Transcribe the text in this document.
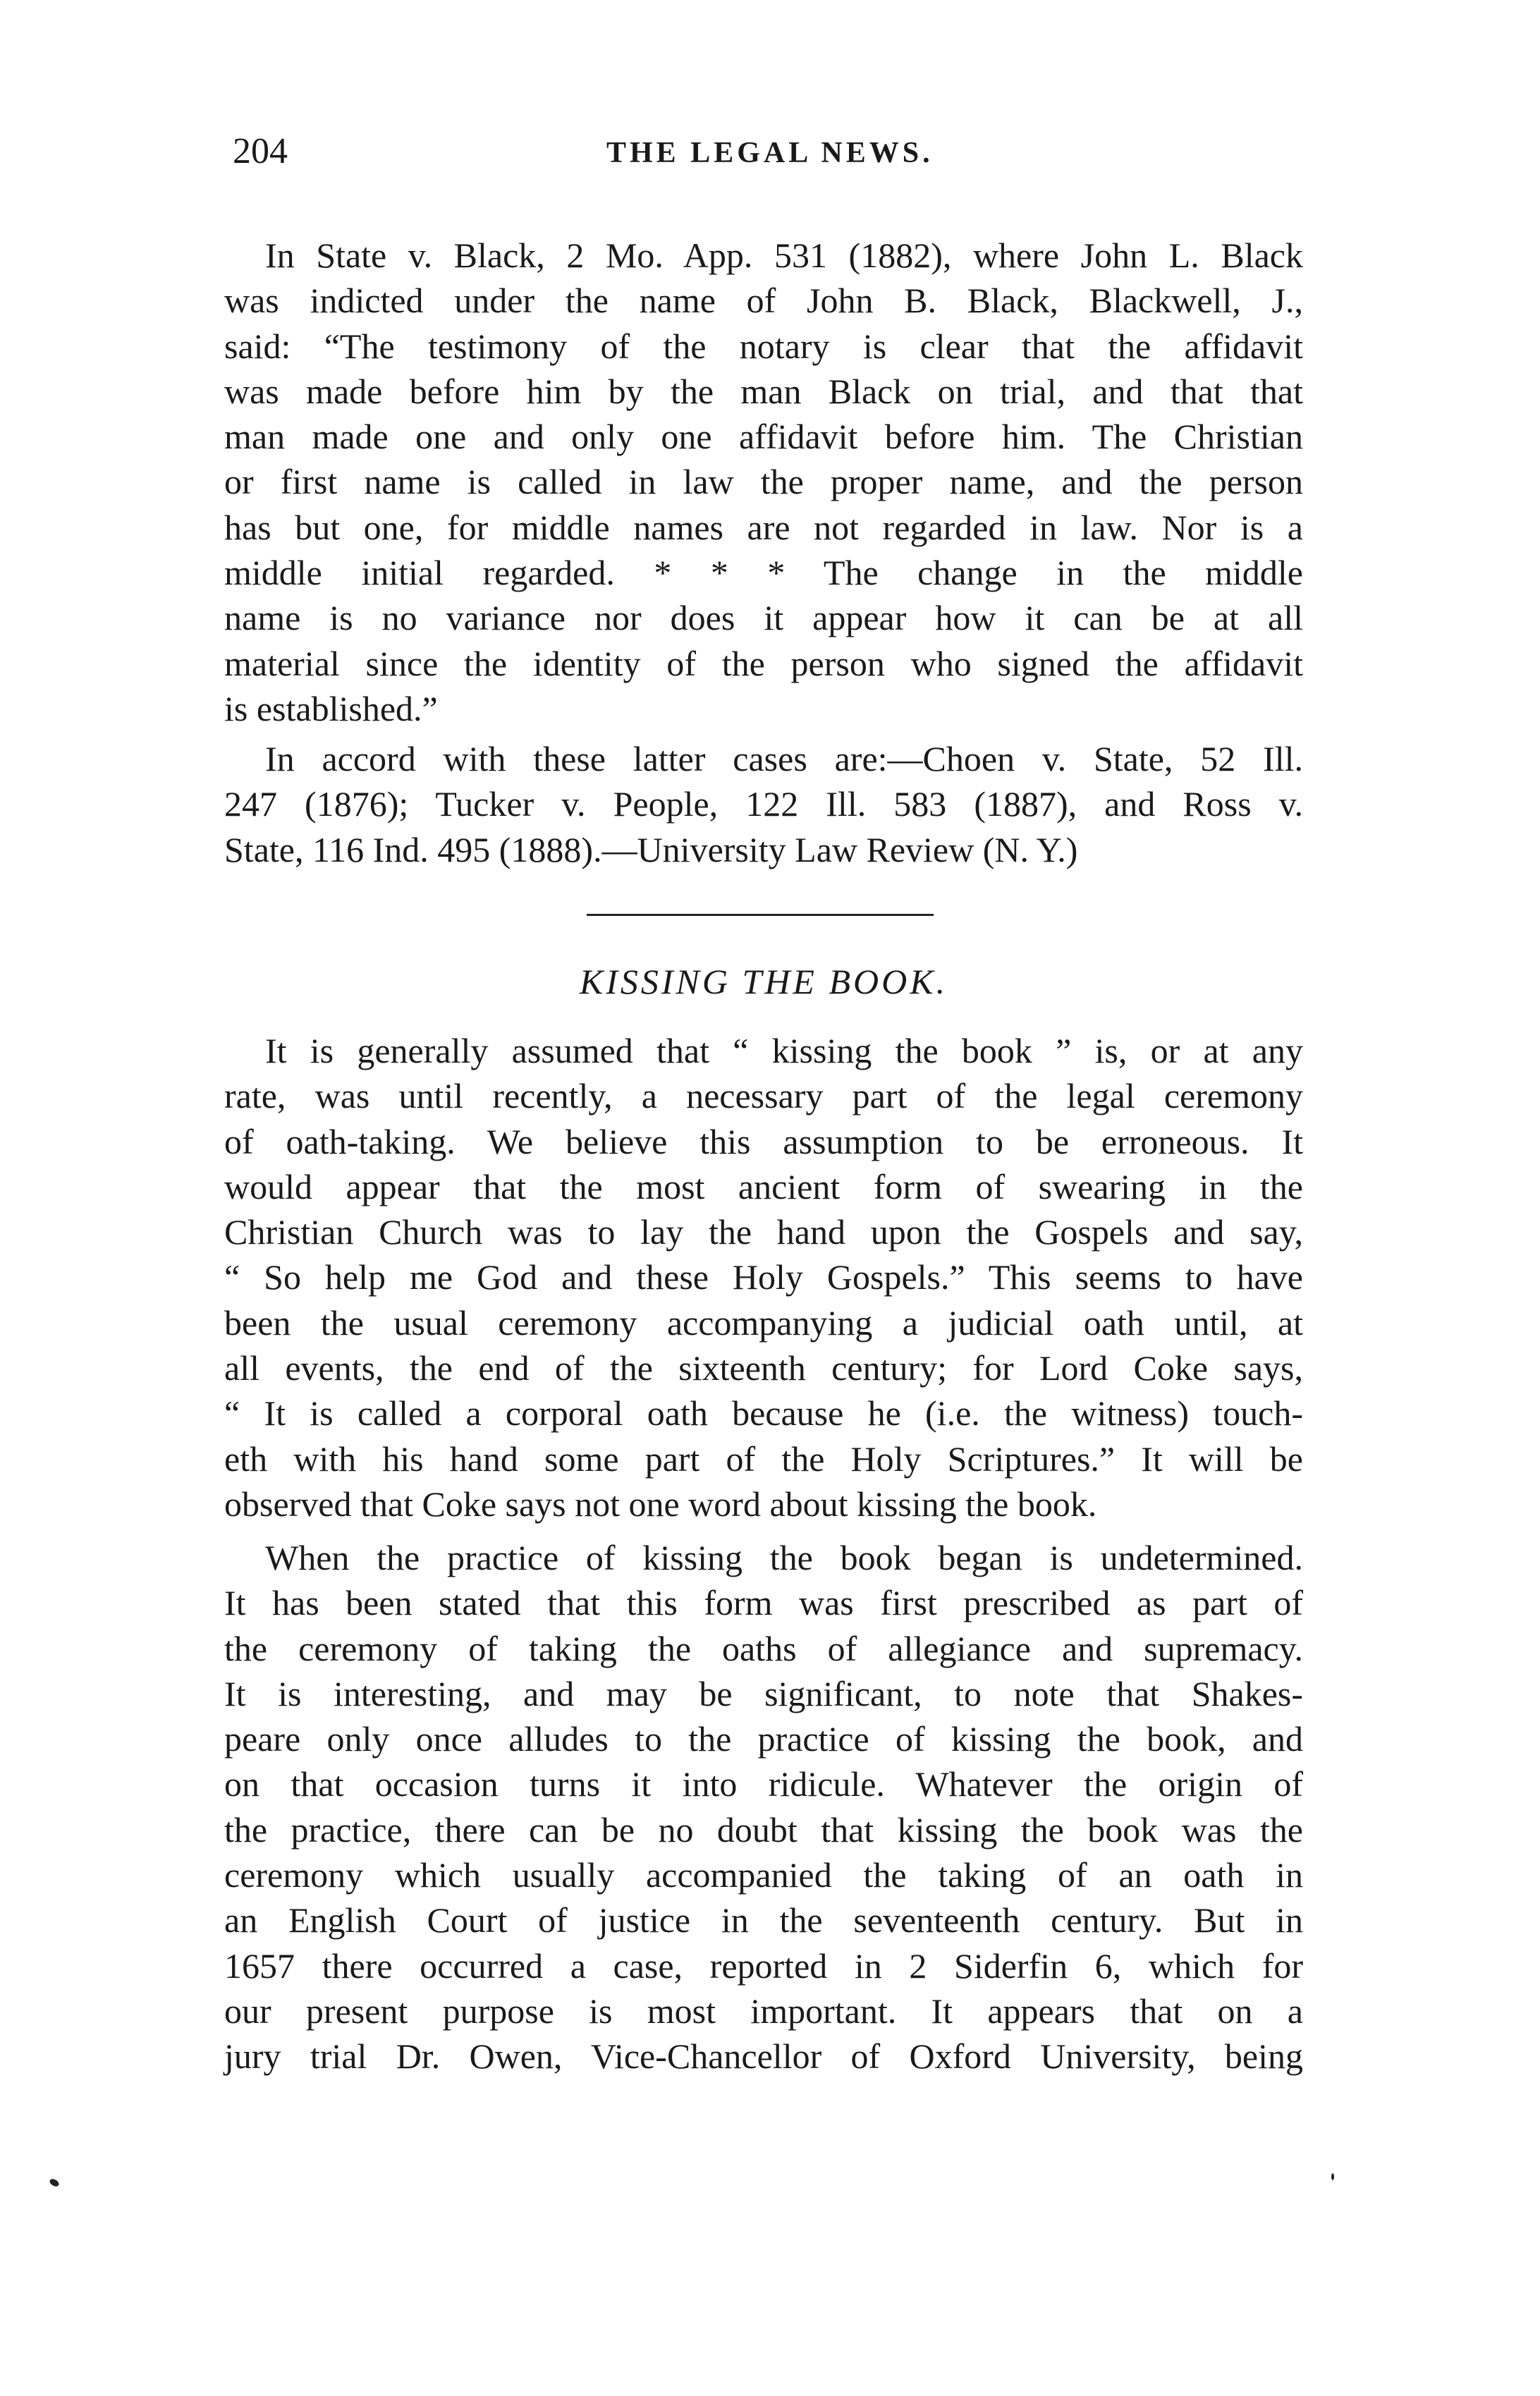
204	THE LEGAL NEWS.
In State v. Black, 2 Mo. App. 531 (1882), where John L. Black
was indicted under the name of John B. Black, Blackwell, J.,
said: “The testimony of the notary is clear that the affidavit
was made before him by the man Black on trial, and that that
man made one and only one affidavit before him. The Christian
or first name is called in law the proper name, and the person
has but one, for middle names are not regarded in law. Nor is a
middle initial regarded. * * * The change in the middle
name is no variance nor does it appear how it can be at all
material since the identity of the person who signed the affidavit
is established.”
In accord with these latter cases are:—Choen v. State, 52 Ill.
247 (1876); Tucker v. People, 122 Ill. 583 (1887), and Ross v.
State, 116 Ind. 495 (1888).—University Law Review (N. Y.)
KISSING THE BOOK.
It is generally assumed that “ kissing the book ” is, or at any
rate, was until recently, a necessary part of the legal ceremony
of oath-taking. We believe this assumption to be erroneous. It
would appear that the most ancient form of swearing in the
Christian Church was to lay the hand upon the Gospels and say,
“ So help me God and these Holy Gospels.” This seems to have
been the usual ceremony accompanying a judicial oath until, at
all events, the end of the sixteenth century; for Lord Coke says,
“ It is called a corporal oath because he (i.e. the witness) touch-
eth with his hand some part of the Holy Scriptures.” It will be
observed that Coke says not one word about kissing the book.
When the practice of kissing the book began is undetermined.
It has been stated that this form was first prescribed as part of
the ceremony of taking the oaths of allegiance and supremacy.
It is interesting, and may be significant, to note that Shakes-
peare only once alludes to the practice of kissing the book, and
on that occasion turns it into ridicule. Whatever the origin of
the practice, there can be no doubt that kissing the book was the
ceremony which usually accompanied the taking of an oath in
an English Court of justice in the seventeenth century. But in
1657 there occurred a case, reported in 2 Siderfin 6, which for
our present purpose is most important. It appears that on a
jury trial Dr. Owen, Vice-Chancellor of Oxford University, being
